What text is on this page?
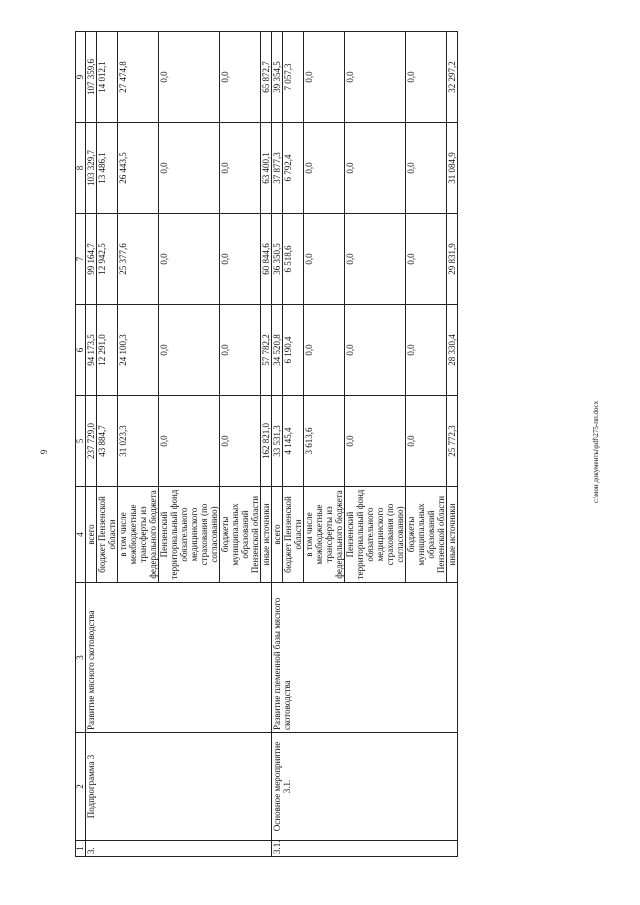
9
1	2	3	4	5	6	7	8	9
3.	Подпрограмма 3	Развитие мясного скотоводства	всего	237 729,0	94 173,5	99 164,7	103 329,7	107 359,6
			бюджет Пензенской области	43 884,7	12 291,0	12 942,5	13 486,1	14 012,1
			в том числе межбюджетные трансферты из федерального бюджета	31 023,3	24 100,3	25 377,6	26 443,5	27 474,8
			Пензенский территориальный фонд обязательного медицинского страхования (по согласованию)	0,0	0,0	0,0	0,0	0,0
			бюджеты муниципальных образований Пензенской области	0,0	0,0	0,0	0,0	0,0
			иные источники	162 821,0	57 782,2	60 844,6	63 400,1	65 872,7
3.1.	Основное мероприятие 3.1.	Развитие племенной базы мясного скотоводства	всего	33 531,3	34 520,8	36 350,5	37 877,3	39 354,5
			бюджет Пензенской области	4 145,4	6 190,4	6 518,6	6 792,4	7 057,3
			в том числе межбюджетные трансферты из федерального бюджета	3 613,6	0,0	0,0	0,0	0,0
			Пензенский территориальный фонд обязательного медицинского страхования (по согласованию)	0,0	0,0	0,0	0,0	0,0
			бюджеты муниципальных образований Пензенской области	0,0	0,0	0,0	0,0	0,0
			иные источники	25 772,3	28 330,4	29 831,9	31 084,9	32 297,2
c:\мои документы\pdf\275-пп.docx
